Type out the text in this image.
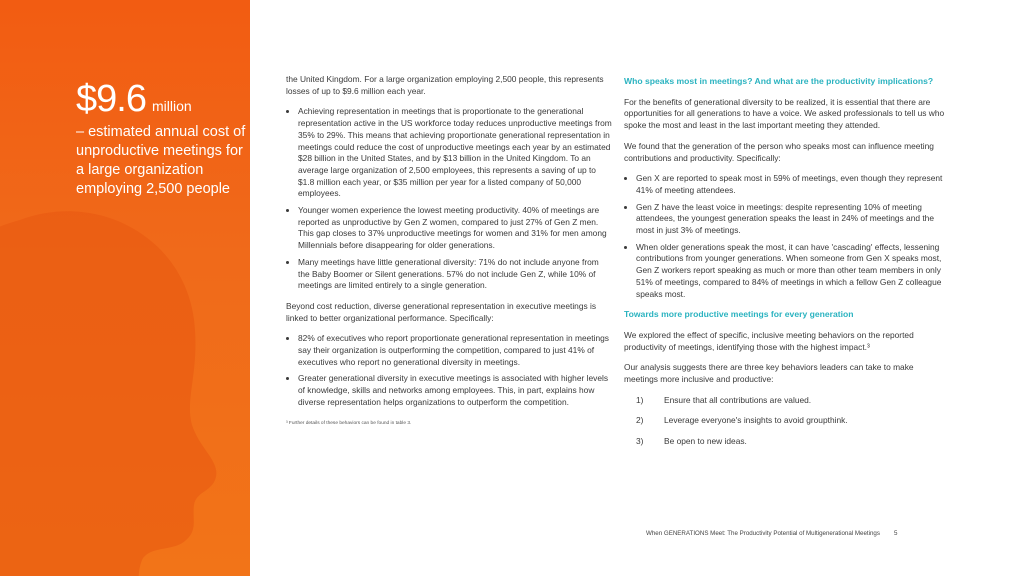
$9.6 million
– estimated annual cost of unproductive meetings for a large organization employing 2,500 people

the United Kingdom. For a large organization employing 2,500 people, this represents losses of up to $9.6 million each year.

• Achieving representation in meetings that is proportionate to the generational representation active in the US workforce today reduces unproductive meetings from 35% to 29%. This means that achieving proportionate generational representation in meetings could reduce the cost of unproductive meetings each year by an estimated $28 billion in the United States, and by $13 billion in the United Kingdom. To an average large organization of 2,500 employees, this represents a saving of up to $1.8 million each year, or $35 million per year for a listed company of 50,000 employees.
• Younger women experience the lowest meeting productivity. 40% of meetings are reported as unproductive by Gen Z women, compared to just 27% of Gen Z men. This gap closes to 37% unproductive meetings for women and 31% for men among Millennials before disappearing for older generations.
• Many meetings have little generational diversity: 71% do not include anyone from the Baby Boomer or Silent generations. 57% do not include Gen Z, while 10% of meetings are limited entirely to a single generation.

Beyond cost reduction, diverse generational representation in executive meetings is linked to better organizational performance. Specifically:

• 82% of executives who report proportionate generational representation in meetings say their organization is outperforming the competition, compared to just 41% of executives who report no generational diversity in meetings.
• Greater generational diversity in executive meetings is associated with higher levels of knowledge, skills and networks among employees. This, in part, explains how diverse representation helps organizations to outperform the competition.
³ Further details of these behaviors can be found in table 3.
Who speaks most in meetings? And what are the productivity implications?

For the benefits of generational diversity to be realized, it is essential that there are opportunities for all generations to have a voice. We asked professionals to tell us who spoke the most and least in the last important meeting they attended.

We found that the generation of the person who speaks most can influence meeting contributions and productivity. Specifically:

• Gen X are reported to speak most in 59% of meetings, even though they represent 41% of meeting attendees.
• Gen Z have the least voice in meetings: despite representing 10% of meeting attendees, the youngest generation speaks the least in 24% of meetings and the most in just 3% of meetings.
• When older generations speak the most, it can have 'cascading' effects, lessening contributions from younger generations. When someone from Gen X speaks most, Gen Z workers report speaking as much or more than other team members in only 51% of meetings, compared to 84% of meetings in which a fellow Gen Z colleague speaks most.
Towards more productive meetings for every generation

We explored the effect of specific, inclusive meeting behaviors on the reported productivity of meetings, identifying those with the highest impact.³

Our analysis suggests there are three key behaviors leaders can take to make meetings more inclusive and productive:

1)	Ensure that all contributions are valued.
2)	Leverage everyone's insights to avoid groupthink.
3)	Be open to new ideas.
When GENERATIONS Meet: The Productivity Potential of Multigenerational Meetings 5
